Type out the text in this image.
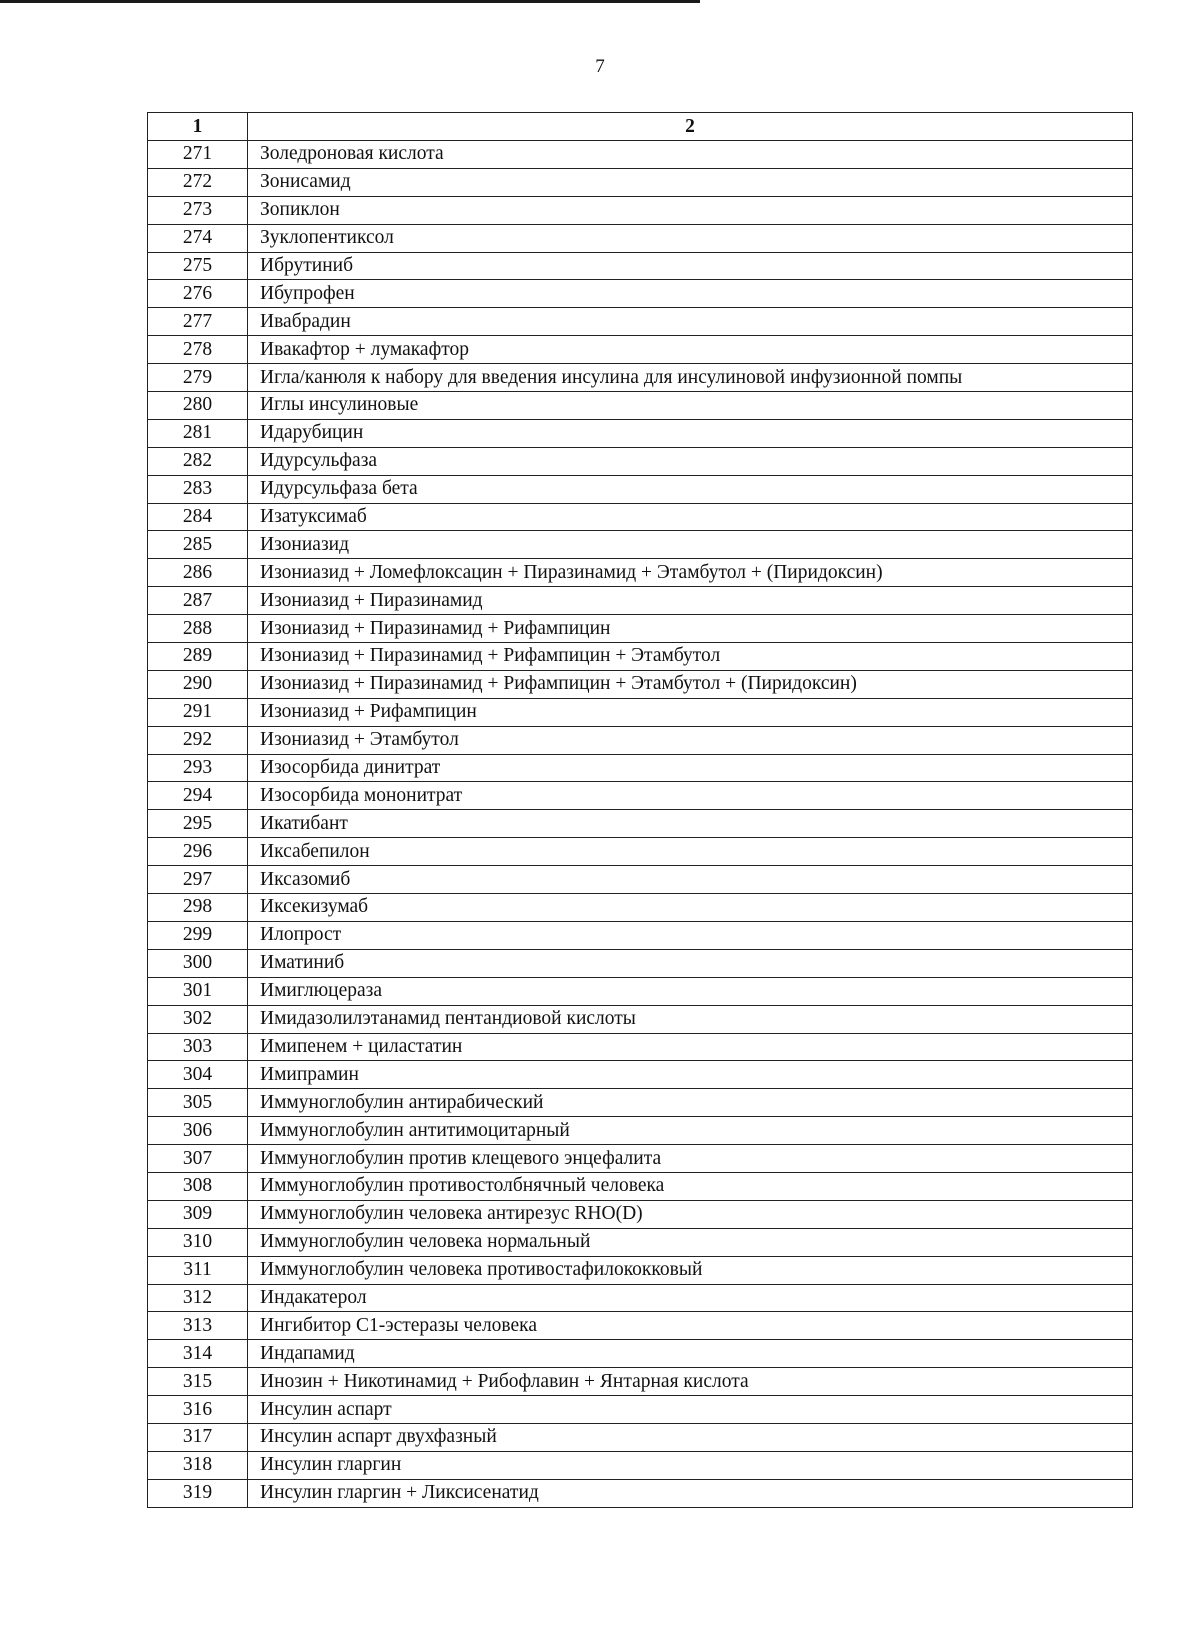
7
1	2
271	Золедроновая кислота
272	Зонисамид
273	Зопиклон
274	Зуклопентиксол
275	Ибрутиниб
276	Ибупрофен
277	Ивабрадин
278	Ивакафтор + лумакафтор
279	Игла/канюля к набору для введения инсулина для инсулиновой инфузионной помпы
280	Иглы инсулиновые
281	Идарубицин
282	Идурсульфаза
283	Идурсульфаза бета
284	Изатуксимаб
285	Изониазид
286	Изониазид + Ломефлоксацин + Пиразинамид + Этамбутол + (Пиридоксин)
287	Изониазид + Пиразинамид
288	Изониазид + Пиразинамид + Рифампицин
289	Изониазид + Пиразинамид + Рифампицин + Этамбутол
290	Изониазид + Пиразинамид + Рифампицин + Этамбутол + (Пиридоксин)
291	Изониазид + Рифампицин
292	Изониазид + Этамбутол
293	Изосорбида динитрат
294	Изосорбида мононитрат
295	Икатибант
296	Иксабепилон
297	Иксазомиб
298	Иксекизумаб
299	Илопрост
300	Иматиниб
301	Имиглюцераза
302	Имидазолилэтанамид пентандиовой кислоты
303	Имипенем + циластатин
304	Имипрамин
305	Иммуноглобулин антирабический
306	Иммуноглобулин антитимоцитарный
307	Иммуноглобулин против клещевого энцефалита
308	Иммуноглобулин противостолбнячный человека
309	Иммуноглобулин человека антирезус RHO(D)
310	Иммуноглобулин человека нормальный
311	Иммуноглобулин человека противостафилококковый
312	Индакатерол
313	Ингибитор C1-эстеразы человека
314	Индапамид
315	Инозин + Никотинамид + Рибофлавин + Янтарная кислота
316	Инсулин аспарт
317	Инсулин аспарт двухфазный
318	Инсулин гларгин
319	Инсулин гларгин + Ликсисенатид
